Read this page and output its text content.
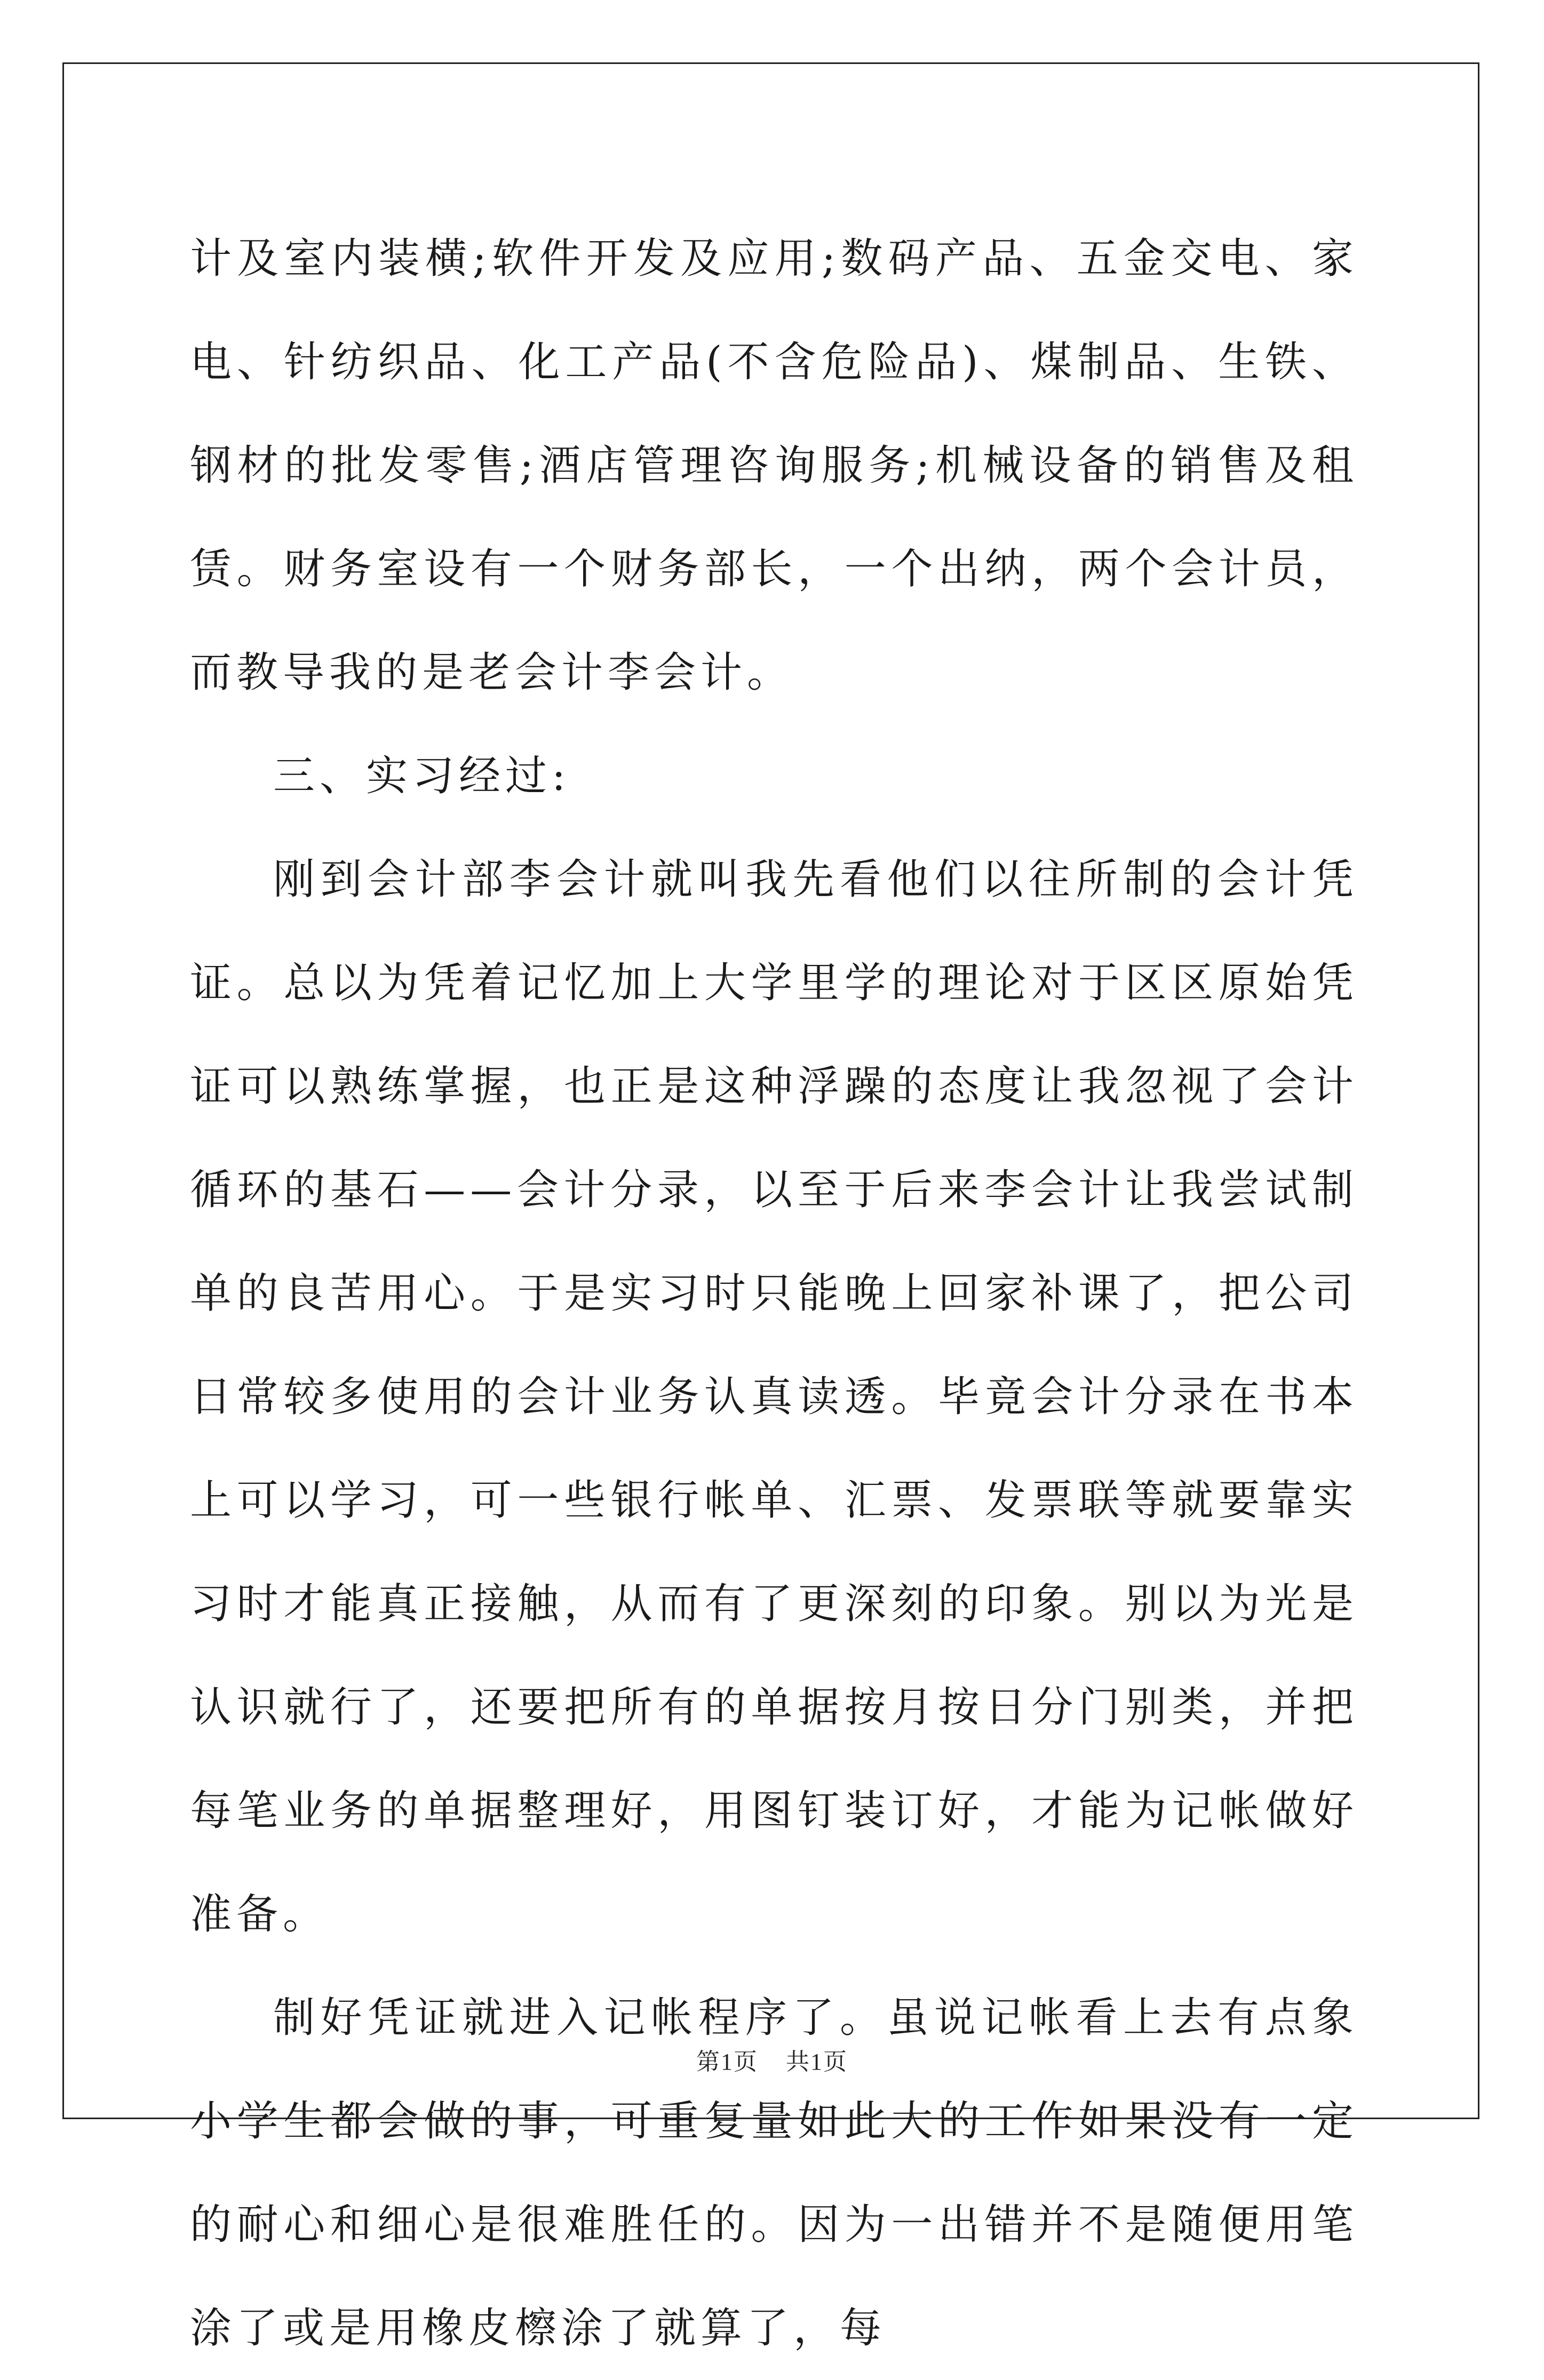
计及室内装横;软件开发及应用;数码产品、五金交电、家电、针纺织品、化工产品(不含危险品)、煤制品、生铁、钢材的批发零售;酒店管理咨询服务;机械设备的销售及租赁。财务室设有一个财务部长，一个出纳，两个会计员，而教导我的是老会计李会计。

三、实习经过:

刚到会计部李会计就叫我先看他们以往所制的会计凭证。总以为凭着记忆加上大学里学的理论对于区区原始凭证可以熟练掌握，也正是这种浮躁的态度让我忽视了会计循环的基石——会计分录，以至于后来李会计让我尝试制单的良苦用心。于是实习时只能晚上回家补课了，把公司日常较多使用的会计业务认真读透。毕竟会计分录在书本上可以学习，可一些银行帐单、汇票、发票联等就要靠实习时才能真正接触，从而有了更深刻的印象。别以为光是认识就行了，还要把所有的单据按月按日分门别类，并把每笔业务的单据整理好，用图钉装订好，才能为记帐做好准备。

制好凭证就进入记帐程序了。虽说记帐看上去有点象小学生都会做的事，可重复量如此大的工作如果没有一定的耐心和细心是很难胜任的。因为一出错并不是随便用笔涂了或是用橡皮檫涂了就算了，每

第1页 共1页
